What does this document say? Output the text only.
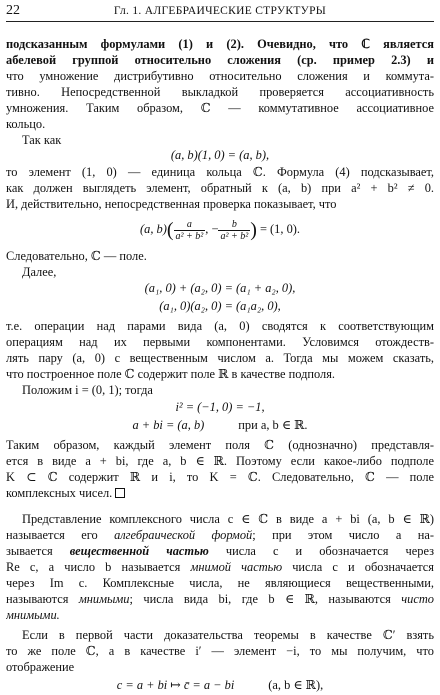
22	Гл. 1. АЛГЕБРАИЧЕСКИЕ СТРУКТУРЫ
подсказанным формулами (1) и (2). Очевидно, что ℂ является
абелевой группой относительно сложения (ср. пример 2.3) и
что умножение дистрибутивно относительно сложения и коммута-
тивно. Непосредственной выкладкой проверяется ассоциативность
умножения. Таким образом, ℂ — коммутативное ассоциативное
кольцо.
Так как
(a, b)(1, 0) = (a, b),
то элемент (1, 0) — единица кольца ℂ. Формула (4) подсказывает,
как должен выглядеть элемент, обратный к (a, b) при a² + b² ≠ 0.
И, действительно, непосредственная проверка показывает, что
(a, $b)( \frac{a}{\text{a² + b²}}$ , − $\frac{b}{\text{a² + b²}}$ ) = (1, 0).
Следовательно, ℂ — поле.
Далее,
(a₁, 0) + (a₂, 0) = (a₁ + a₂, 0),
(a₁, 0)(a₂, 0) = (a₁a₂, 0),
т.е. операции над парами вида (a, 0) сводятся к соответствующим
операциям над их первыми компонентами. Условимся отождеств-
лять пару (a, 0) с вещественным числом a. Тогда мы можем сказать,
что построенное поле ℂ содержит поле ℝ в качестве подполя.
Положим i = (0, 1); тогда
i² = (−1, 0) = −1,
a + bi = (a, b)	при a, b ∈ ℝ.
Таким образом, каждый элемент поля ℂ (однозначно) представля-
ется в виде a + bi, где a, b ∈ ℝ. Поэтому если какое-либо подполе
K ⊂ ℂ содержит ℝ и i, то K = ℂ. Следовательно, ℂ — поле
комплексных чисел.
Представление комплексного числа c ∈ ℂ в виде a + bi (a, b ∈ ℝ)
называется его алгебраической формой; при этом число a на-
зывается вещественной частью числа c и обозначается через
Re c, а число b называется мнимой частью числа c и обозначается
через Im c. Комплексные числа, не являющиеся вещественными,
называются мнимыми; числа вида bi, где b ∈ ℝ, называются чисто
мнимыми.
Если в первой части доказательства теоремы в качестве ℂ′ взять
то же поле ℂ, а в качестве i′ — элемент −i, то мы получим, что
отображение
c = a + bi ↦ c̄ = a − bi	(a, b ∈ ℝ),
